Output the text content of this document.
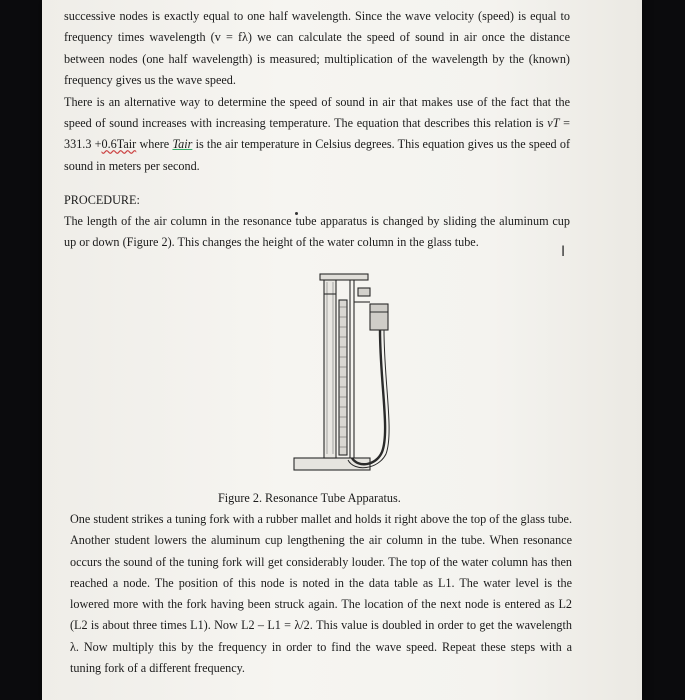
successive nodes is exactly equal to one half wavelength. Since the wave velocity (speed) is equal to frequency times wavelength (v = fλ) we can calculate the speed of sound in air once the distance between nodes (one half wavelength) is measured; multiplication of the wavelength by the (known) frequency gives us the wave speed.

There is an alternative way to determine the speed of sound in air that makes use of the fact that the speed of sound increases with increasing temperature. The equation that describes this relation is vT = 331.3 +0.6Tair where Tair is the air temperature in Celsius degrees. This equation gives us the speed of sound in meters per second.

PROCEDURE:

The length of the air column in the resonance tube apparatus is changed by sliding the aluminum cup up or down (Figure 2). This changes the height of the water column in the glass tube.

I
Figure 2. Resonance Tube Apparatus.

One student strikes a tuning fork with a rubber mallet and holds it right above the top of the glass tube. Another student lowers the aluminum cup lengthening the air column in the tube. When resonance occurs the sound of the tuning fork will get considerably louder. The top of the water column has then reached a node. The position of this node is noted in the data table as L1. The water level is the lowered more with the fork having been struck again. The location of the next node is entered as L2 (L2 is about three times L1). Now L2 – L1 = λ/2. This value is doubled in order to get the wavelength λ. Now multiply this by the frequency in order to find the wave speed. Repeat these steps with a tuning fork of a different frequency.
